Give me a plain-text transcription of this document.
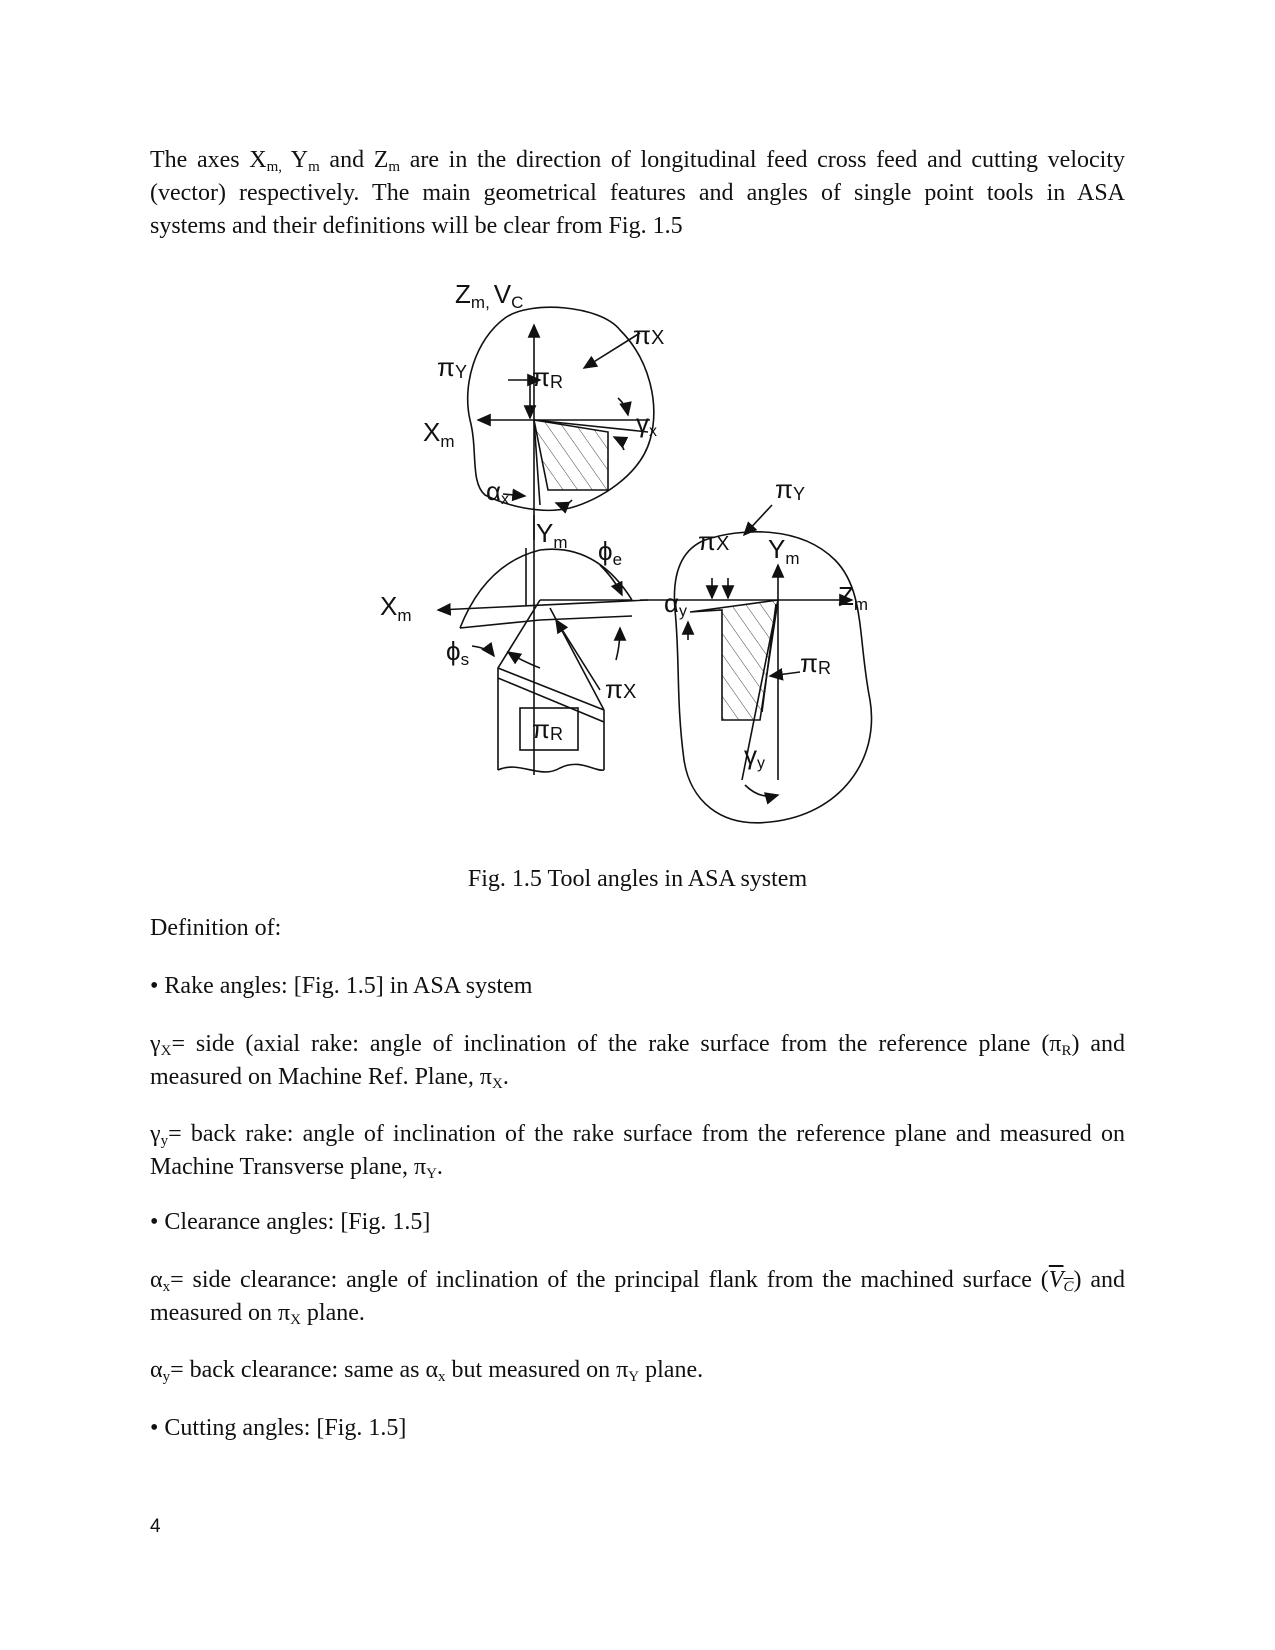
The axes $X_{m,}$ $Y_m$ and $Z_m$ are in the direction of longitudinal feed cross feed and cutting velocity
(vector) respectively. The main geometrical features and angles of single point tools in ASA
systems and their definitions will be clear from Fig. 1.5
Zm, VC
πX
πY	πR
$X_m$
γx
αx
$Y_m$ ϕe
$X_m$
ϕs
πX
πR
πY
πX $Y_m$
Zm
αy
πR
γy
Fig. 1.5 Tool angles in ASA system
Definition of:
• Rake angles: [Fig. 1.5] in ASA system
$\gamma_X=$ side (axial rake: angle of inclination of the rake surface from the reference plane $(\pi_R)$ and
measured on Machine Ref. Plane, $\pi_X$.
$\gamma_y=$ back rake: angle of inclination of the rake surface from the reference plane and measured on
Machine Transverse plane, $\pi_Y$.
• Clearance angles: [Fig. 1.5]
$\alpha_x=$ side clearance: angle of inclination of the principal flank from the machined surface $(\overline{V}_{\overline{C}})$ and
measured on $\pi_X$ plane.
$\alpha_y=$ back clearance: same as $\alpha_x$ but measured on $\pi_Y$ plane.
• Cutting angles: [Fig. 1.5]
4
